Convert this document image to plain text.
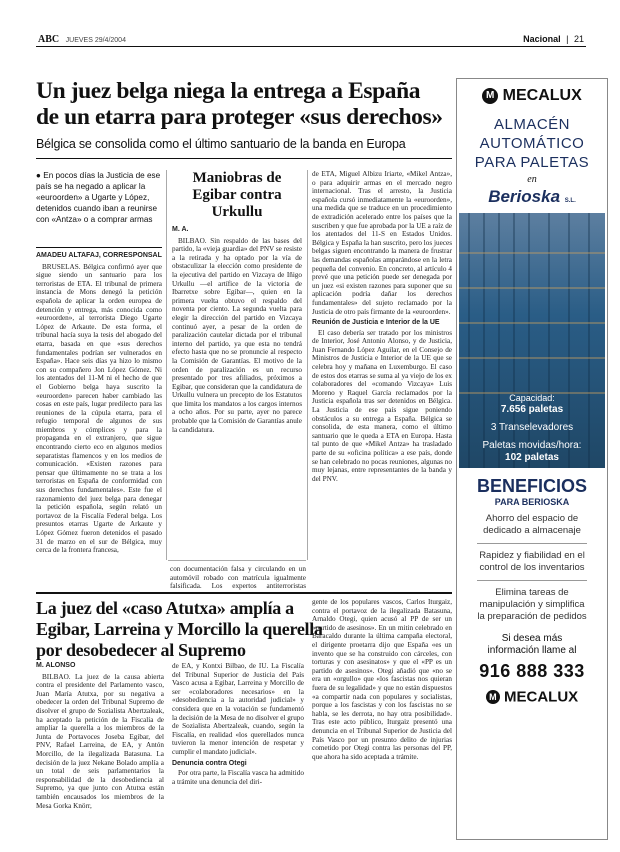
ABC JUEVES 29/4/2004	Nacional | 21
Un juez belga niega la entrega a España
de un etarra para proteger «sus derechos»
Bélgica se consolida como el último santuario de la banda en Europa
● En pocos días la Justicia de ese país se ha negado a aplicar la «euroorden» a Ugarte y López, detenidos cuando iban a reunirse con «Antza» o a comprar armas
AMADEU ALTAFAJ, CORRESPONSAL

BRUSELAS. Bélgica confirmó ayer que sigue siendo un santuario para los terroristas de ETA. El tribunal de primera instancia de Mons denegó la petición española de aplicar la orden europea de detención y entrega, más conocida como «euroorden», al terrorista Diego Ugarte López de Arkaute. De esta forma, el tribunal hacía suya la tesis del abogado del etarra, basada en que «sus derechos fundamentales podrían ser vulnerados en España». Hace seis días ya hizo lo mismo con su compañero Jon López Gómez. Ni los atentados del 11-M ni el hecho de que el Gobierno belga haya suscrito la «euroorden» parecen haber cambiado las cosas en este país, lugar predilecto para las reuniones de la cúpula etarra, para el refugio temporal de algunos de sus miembros y cómplices y para la propaganda en el extranjero, que sigue encontrando cierto eco en algunos medios separatistas flamencos y en los medios de comunicación. «Existen razones para pensar que últimamente no se trata a los terroristas en España de conformidad con sus derechos fundamentales». Este fue el razonamiento del juez belga para denegar la petición española, según relató un portavoz de la Fiscalía Federal belga. Los presuntos etarras Ugarte de Arkaute y López Gómez fueron detenidos el pasado 31 de marzo en el sur de Bélgica, muy cerca de la frontera francesa,

Maniobras de Egibar contra Urkullu
M. A.

BILBAO. Sin respaldo de las bases del partido, la «vieja guardia» del PNV se resiste a la retirada y ha optado por la vía de obstaculizar la elección como presidente de la ejecutiva del partido en Vizcaya de Iñigo Urkullu —el artífice de la victoria de Ibarretxe sobre Egibar—, quien en la primera vuelta obtuvo el respaldo del noventa por ciento. La segunda vuelta para elegir la dirección del partido en Vizcaya continuó ayer, a pesar de la orden de paralización cautelar dictada por el tribunal interno del partido, ya que esta no tendrá efecto hasta que no se pronuncie al respecto la Comisión de Garantías. El motivo de la orden de paralización es un recurso presentado por tres afiliados, próximos a Egibar, que consideran que la candidatura de Urkullu vulnera un precepto de los Estatutos que limita los mandatos a los cargos internos a ocho años. Por su parte, ayer no parece probable que la Comisión de Garantías anule la candidatura.

con documentación falsa y circulando en un automóvil robado con matrícula igualmente falsificada. Los expertos antiterroristas

de ETA, Miguel Albizu Iriarte, «Mikel Antza», o para adquirir armas en el mercado negro internacional. Tras el arresto, la Justicia española cursó inmediatamente la «euroorden», una medida que se traduce en un procedimiento de extradición acelerado entre los países que la suscriben y que fue aprobada por la UE a raíz de los atentados del 11-S en Estados Unidos. Bélgica y España la han suscrito, pero los jueces belgas siguen encontrando la manera de frustrar las demandas españolas amparándose en la letra pequeña del convenio. En concreto, al artículo 4 prevé que una petición puede ser denegada por un juez «si existen razones para suponer que su aplicación podría dañar los derechos fundamentales» del sujeto reclamado por la Justicia de otro país firmante de la «euroorden».

Reunión de Justicia e Interior de la UE

El caso debería ser tratado por los ministros de Interior, José Antonio Alonso, y de Justicia, Juan Fernando López Aguilar, en el Consejo de Ministros de Justicia e Interior de la UE que se celebra hoy y mañana en Luxemburgo. El caso de estos dos etarras se suma al ya viejo de los ex colaboradores del «comando Vizcaya» Luis Moreno y Raquel García reclamados por la Justicia española tras ser detenidos en Bélgica. La Justicia de ese país sigue poniendo obstáculos a su entrega a España. Bélgica se consolida, de esta manera, como el último santuario que le queda a ETA en Europa. Hasta tal punto de que «Mikel Antza» ha trasladado parte de su «oficina política» a ese país, donde se han celebrado no pocas reuniones, algunas no muy lejanas, entre representantes de la banda y del PNV.

La juez del «caso Atutxa» amplía a
Egibar, Larreina y Morcillo la querella
por desobedecer al Supremo
M. ALONSO

BILBAO. La juez de la causa abierta contra el presidente del Parlamento vasco, Juan María Atutxa, por su negativa a obedecer la orden del Tribunal Supremo de disolver el grupo de Sozialista Abertzaleak, ha aceptado la petición de la Fiscalía de ampliar la querella a los miembros de la Junta de Portavoces Joseba Egibar, del PNV, Rafael Larreina, de EA, y Antón Morcillo, de la ilegalizada Batasuna. La decisión de la juez Nekane Bolado amplía a un total de seis parlamentarios la responsabilidad de la desobediencia al Supremo, ya que junto con Atutxa están también encausados los miembros de la Mesa Gorka Knörr,

de EA, y Kontxi Bilbao, de IU. La Fiscalía del Tribunal Superior de Justicia del País Vasco acusa a Egibar, Larreina y Morcillo de ser «colaboradores necesarios» en la «desobediencia a la autoridad judicial» y considera que en la votación se fundamentó la decisión de la Mesa de no disolver el grupo de Sozialista Abertzaleak, cuando, según la Fiscalía, en realidad «los querellados nunca tuvieron la menor intención de respetar y cumplir el mandato judicial».

Denuncia contra Otegi

Por otra parte, la Fiscalía vasca ha admitido a trámite una denuncia del diri-

gente de los populares vascos, Carlos Iturgaiz, contra el portavoz de la ilegalizada Batasuna, Arnaldo Otegi, quien acusó al PP de ser un «partido de asesinos». En un mitin celebrado en Baracaldo durante la última campaña electoral, el dirigente proetarra dijo que España «es un invento que se ha construido con cárceles, con torturas y con asesinatos» y que el «PP es un partido de asesinos». Otegi añadió que «no se era un «orgullo» que «los fascistas nos quieran fuera de su legalidad» y que no están dispuestos «a compartir nada con populares y socialistas, porque a los fascistas y con los fascistas no se habla, se les derrota, no hay otra posibilidad». Tras este acto público, Iturgaiz presentó una denuncia en el Tribunal Superior de Justicia del País Vasco por un presunto delito de injurias cometido por Otegi contra las personas del PP, que ahora ha sido aceptada a trámite.

M MECALUX
ALMACÉN
AUTOMÁTICO
PARA PALETAS
en
Berioska S.L.
Capacidad:
7.656 paletas
3 Transelevadores
Paletas movidas/hora:
102 paletas
BENEFICIOS
PARA BERIOSKA
Ahorro del espacio de dedicado a almacenaje
Rapidez y fiabilidad en el control de los inventarios
Elimina tareas de manipulación y simplifica la preparación de pedidos
Si desea más
información llame al
916 888 333
M MECALUX
